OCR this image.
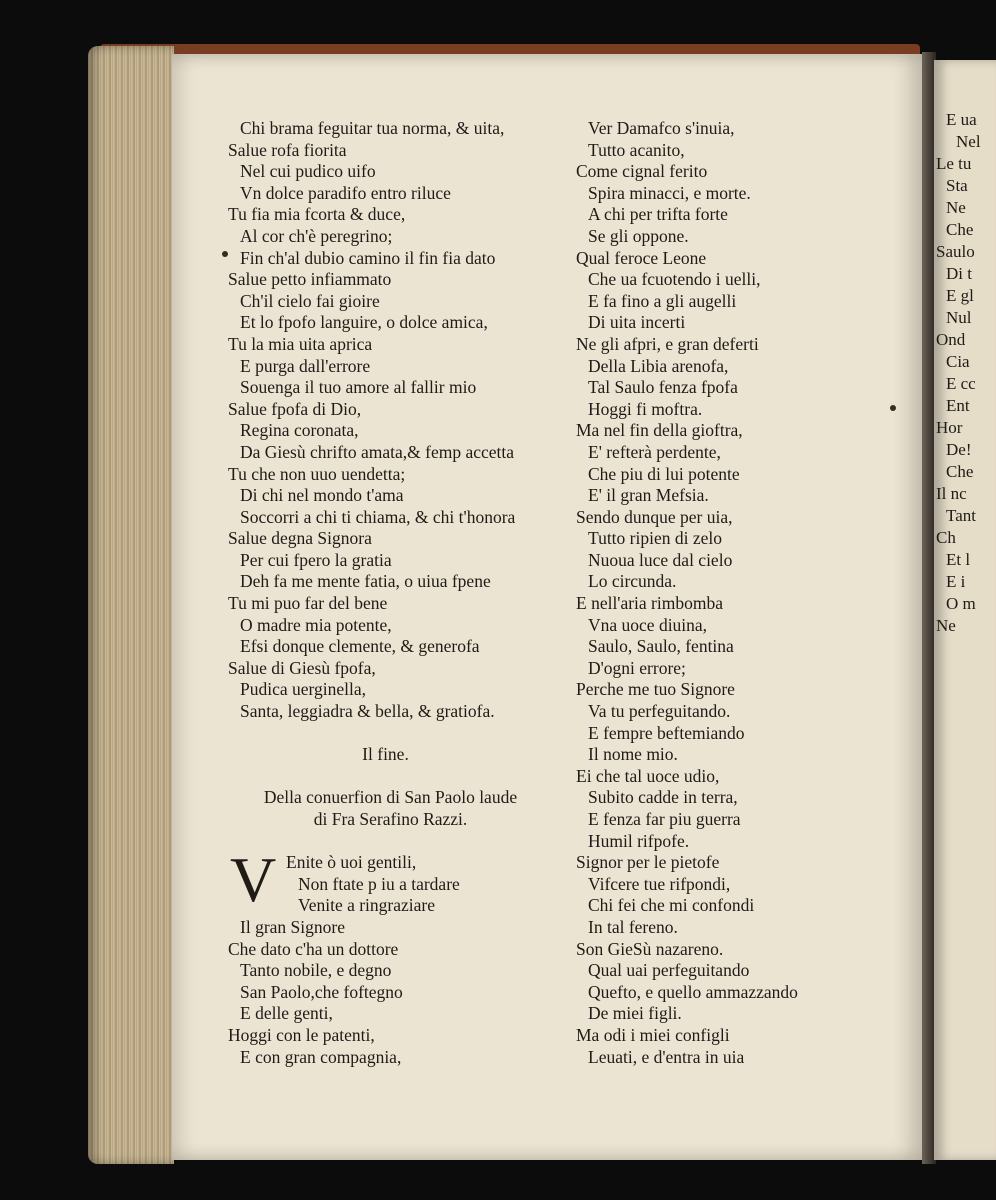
E ua
Nel
Le tu
Sta
Ne
Che
Saulo
Di t
E gl
Nul
Ond
Cia
E cc
Ent
Hor
De!
Che
Il nc
Tant
Ch
Et l
E i
O m
Ne
Chi brama feguitar tua norma, & uita,
Salue rofa fiorita
Nel cui pudico uifo
Vn dolce paradifo entro riluce
Tu fia mia fcorta & duce,
Al cor ch'è peregrino;
Fin ch'al dubio camino il fin fia dato
Salue petto infiammato
Ch'il cielo fai gioire
Et lo fpofo languire, o dolce amica,
Tu la mia uita aprica
E purga dall'errore
Souenga il tuo amore al fallir mio
Salue fpofa di Dio,
Regina coronata,
Da Giesù chrifto amata,& femp accetta
Tu che non uuo uendetta;
Di chi nel mondo t'ama
Soccorri a chi ti chiama, & chi t'honora
Salue degna Signora
Per cui fpero la gratia
Deh fa me mente fatia, o uiua fpene
Tu mi puo far del bene
O madre mia potente,
Efsi donque clemente, & generofa
Salue di Giesù fpofa,
Pudica uerginella,
Santa, leggiadra & bella, & gratiofa.
Il fine.
Della conuerfion di San Paolo laude
di Fra Serafino Razzi.
V Enite ò uoi gentili,
Non ftate p iu a tardare
Venite a ringraziare
Il gran Signore
Che dato c'ha un dottore
Tanto nobile, e degno
San Paolo,che foftegno
E delle genti,
Hoggi con le patenti,
E con gran compagnia,
Ver Damafco s'inuia,
Tutto acanito,
Come cignal ferito
Spira minacci, e morte.
A chi per trifta forte
Se gli oppone.
Qual feroce Leone
Che ua fcuotendo i uelli,
E fa fino a gli augelli
Di uita incerti
Ne gli afpri, e gran deferti
Della Libia arenofa,
Tal Saulo fenza fpofa
Hoggi fi moftra.
Ma nel fin della gioftra,
E' refterà perdente,
Che piu di lui potente
E' il gran Mefsia.
Sendo dunque per uia,
Tutto ripien di zelo
Nuoua luce dal cielo
Lo circunda.
E nell'aria rimbomba
Vna uoce diuina,
Saulo, Saulo, fentina
D'ogni errore;
Perche me tuo Signore
Va tu perfeguitando.
E fempre beftemiando
Il nome mio.
Ei che tal uoce udio,
Subito cadde in terra,
E fenza far piu guerra
Humil rifpofe.
Signor per le pietofe
Vifcere tue rifpondi,
Chi fei che mi confondi
In tal fereno.
Son GieSù nazareno.
Qual uai perfeguitando
Quefto, e quello ammazzando
De miei figli.
Ma odi i miei configli
Leuati, e d'entra in uia
